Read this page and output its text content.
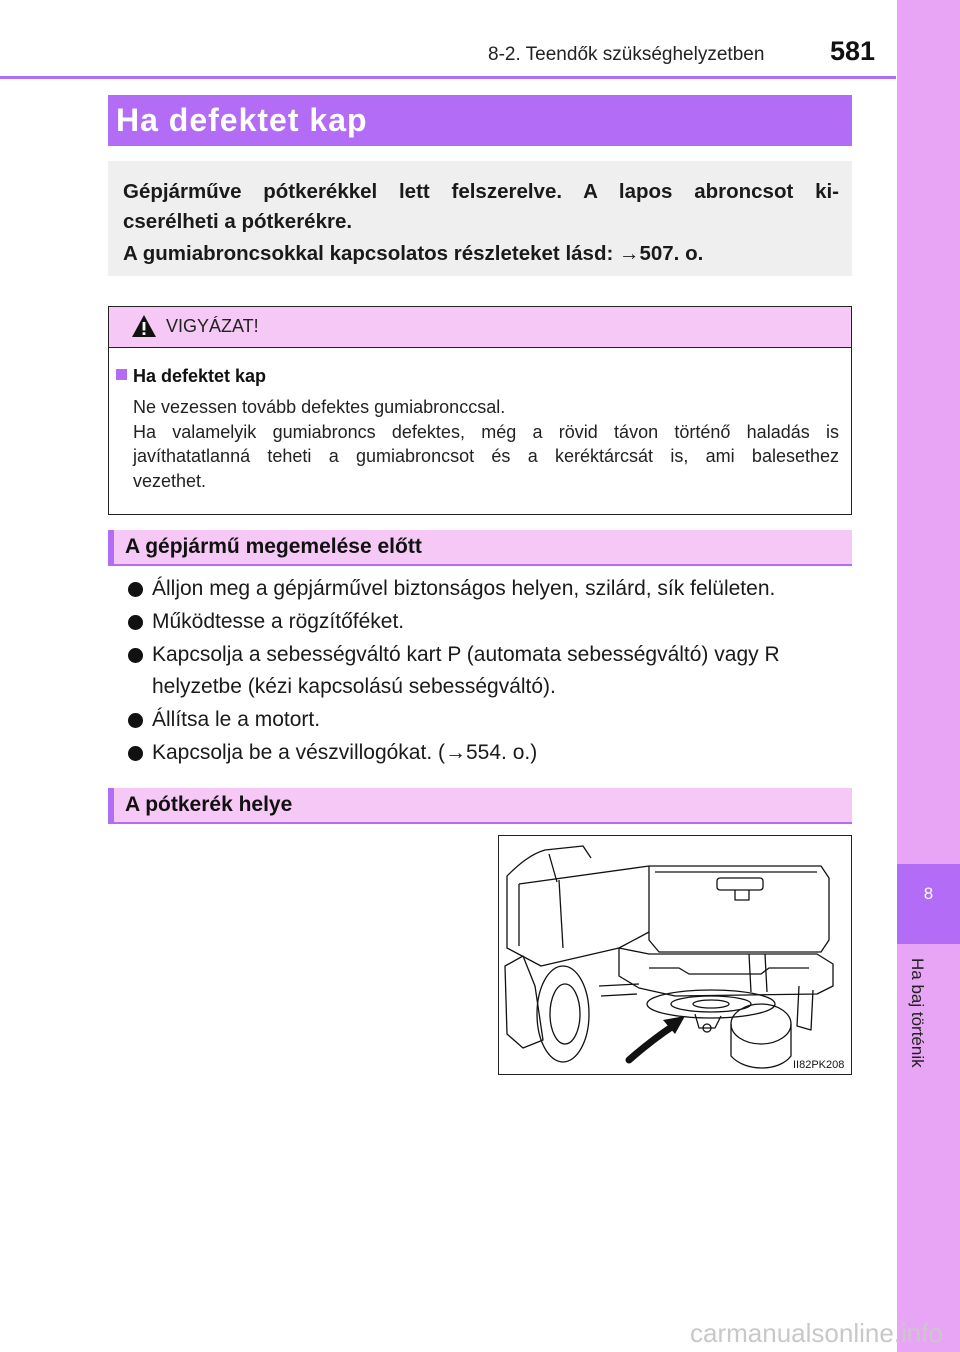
8-2. Teendők szükséghelyzetben 581
8
Ha baj történik
Ha defektet kap

Gépjárműve pótkerékkel lett felszerelve. A lapos abroncsot ki-

cserélheti a pótkerékre.

A gumiabroncsokkal kapcsolatos részleteket lásd: →507. o.

VIGYÁZAT!
Ha defektet kap
Ne vezessen tovább defektes gumiabronccsal.
Ha valamelyik gumiabroncs defektes, még a rövid távon történő haladás is
javíthatatlanná teheti a gumiabroncsot és a keréktárcsát is, ami balesethez
vezethet.
A gépjármű megemelése előtt
Álljon meg a gépjárművel biztonságos helyen, szilárd, sík felületen.
Működtesse a rögzítőféket.
Kapcsolja a sebességváltó kart P (automata sebességváltó) vagy R
helyzetbe (kézi kapcsolású sebességváltó).
Állítsa le a motort.
Kapcsolja be a vészvillogókat. (→554. o.)
A pótkerék helye
II82PK208
carmanualsonline.info
